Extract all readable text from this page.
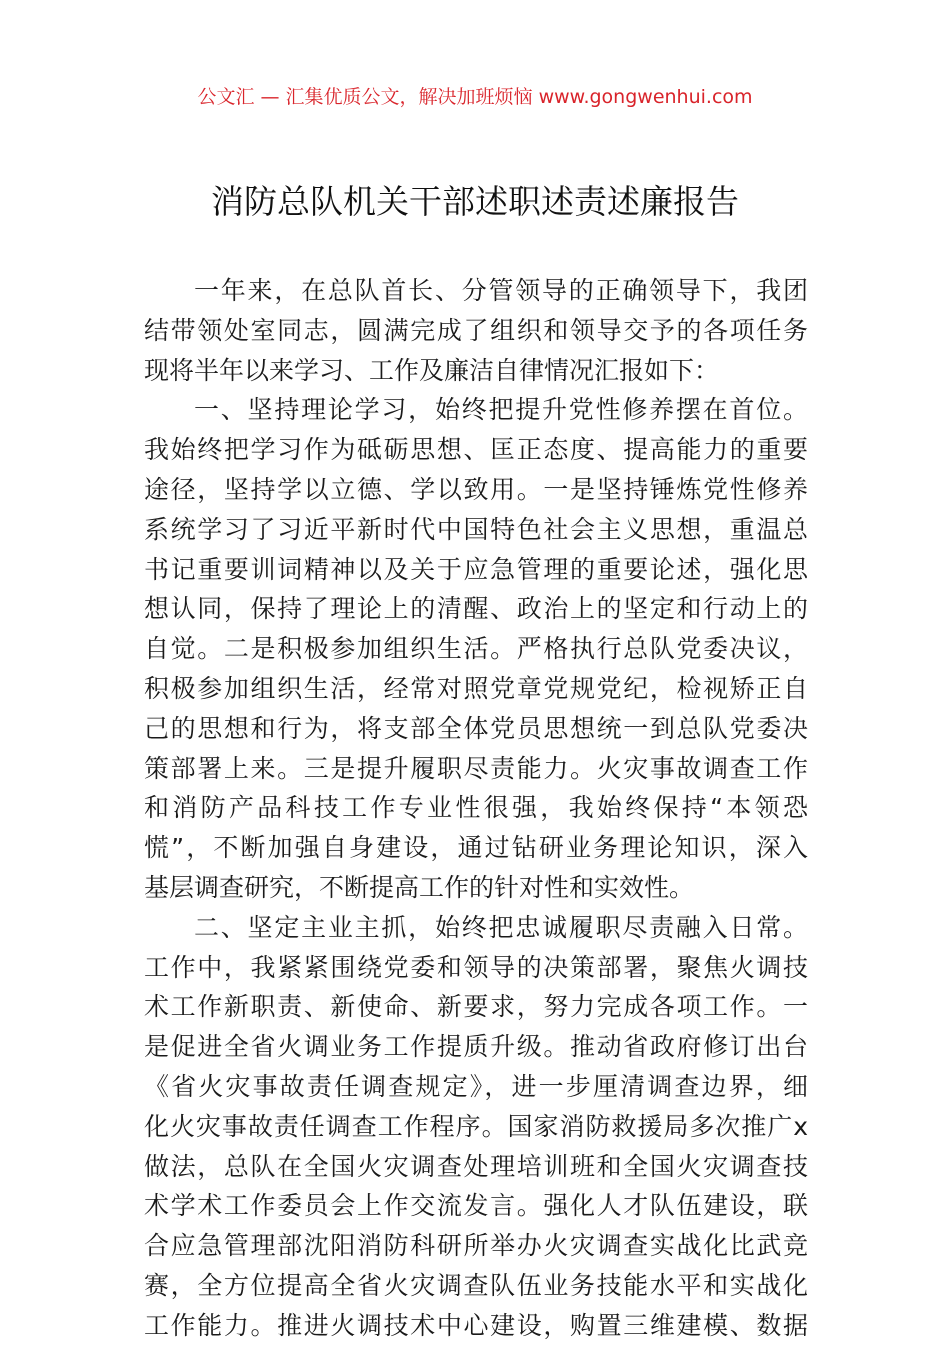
公文汇 — 汇集优质公文，解决加班烦恼 www.gongwenhui.com
消防总队机关干部述职述责述廉报告
一年来，在总队首长、分管领导的正确领导下，我团
结带领处室同志，圆满完成了组织和领导交予的各项任务
现将半年以来学习、工作及廉洁自律情况汇报如下：
一、坚持理论学习，始终把提升党性修养摆在首位。
我始终把学习作为砥砺思想、匡正态度、提高能力的重要
途径，坚持学以立德、学以致用。一是坚持锤炼党性修养
系统学习了习近平新时代中国特色社会主义思想，重温总
书记重要训词精神以及关于应急管理的重要论述，强化思
想认同，保持了理论上的清醒、政治上的坚定和行动上的
自觉。二是积极参加组织生活。严格执行总队党委决议，
积极参加组织生活，经常对照党章党规党纪，检视矫正自
己的思想和行为，将支部全体党员思想统一到总队党委决
策部署上来。三是提升履职尽责能力。火灾事故调查工作
和消防产品科技工作专业性很强，我始终保持“本领恐
慌”，不断加强自身建设，通过钻研业务理论知识，深入
基层调查研究，不断提高工作的针对性和实效性。
二、坚定主业主抓，始终把忠诚履职尽责融入日常。
工作中，我紧紧围绕党委和领导的决策部署，聚焦火调技
术工作新职责、新使命、新要求，努力完成各项工作。一
是促进全省火调业务工作提质升级。推动省政府修订出台
《省火灾事故责任调查规定》，进一步厘清调查边界，细
化火灾事故责任调查工作程序。国家消防救援局多次推广x
做法，总队在全国火灾调查处理培训班和全国火灾调查技
术学术工作委员会上作交流发言。强化人才队伍建设，联
合应急管理部沈阳消防科研所举办火灾调查实战化比武竞
赛，全方位提高全省火灾调查队伍业务技能水平和实战化
工作能力。推进火调技术中心建设，购置三维建模、数据
